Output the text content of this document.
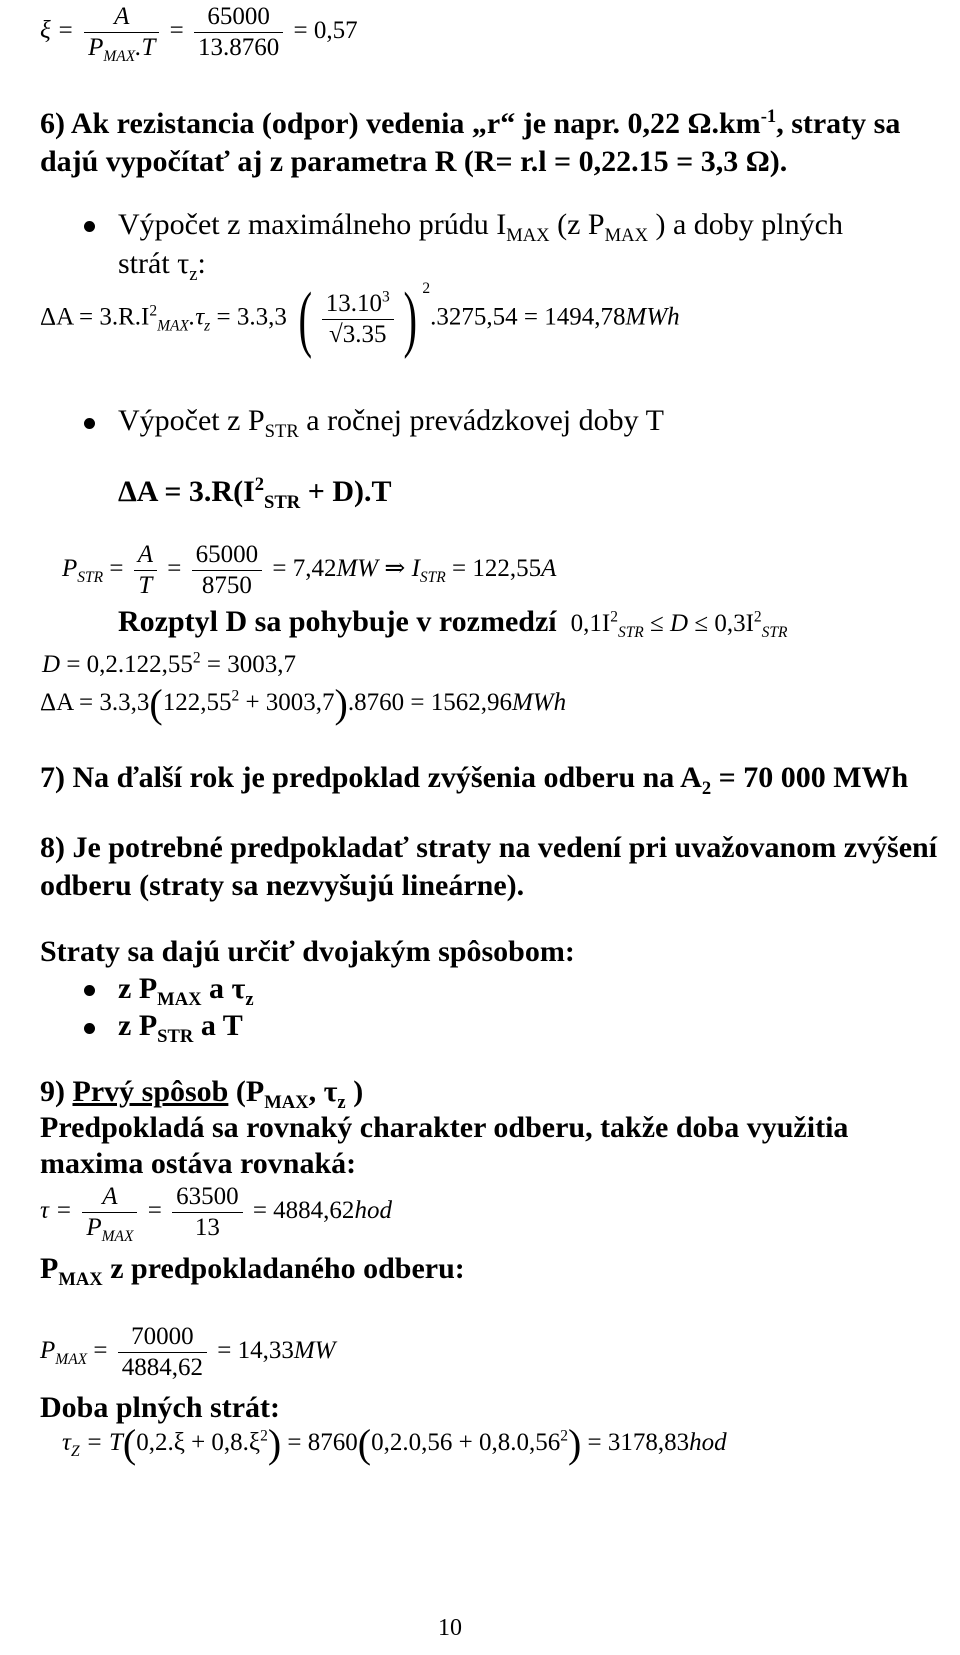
$\xi = \frac{A}{P_{MAX}.T} = \frac{65000}{13.8760} = 0,57$
6) Ak rezistancia (odpor) vedenia „r“ je napr. 0,22 $\Omega.km^{-1}$, straty sa
dajú vypočítať aj z parametra R (R= r.l = 0,22.15 = 3,3 Ω).
Výpočet z maximálneho prúdu $I_{MAX}$ (z $P_{MAX}$ ) a doby plných
strát $\tau_z$:
$\Delta A = 3.R.I^2_{MAX}.\tau_z = 3.3,3$ ( $\frac{13.10^3}{√3.35}$ ) $^2$.3275,54 = 1494,78MWh
Výpočet z $P_{STR}$ a ročnej prevádzkovej doby T
$\Delta A = 3.R(I^2_{STR} + D).T$
$P_{STR} = \frac{A}{T} = \frac{65000}{8750} = 7,42MW$ ⇒ $I_{STR} = 122,55A$
Rozptyl D sa pohybuje v rozmedzí $0,1I^2_{STR} \le D \le 0,3I^2_{STR}$
$D = 0,2.122,55^2 = 3003,7$
$\Delta A = 3.3,3(122,55^2 + 3003,7).8760 = 1562,96MWh$
7) Na ďalší rok je predpoklad zvýšenia odberu na $A_2 = 70$ 000 MWh
8) Je potrebné predpokladať straty na vedení pri uvažovanom zvýšení
odberu (straty sa nezvyšujú lineárne).
Straty sa dajú určiť dvojakým spôsobom:
z $P_{MAX}$ a $\tau_z$
z $P_{STR}$ a T
9) Prvý spôsob ($P_{MAX}$, $\tau_z$ )
Predpokladá sa rovnaký charakter odberu, takže doba využitia
maxima ostáva rovnaká:
$\tau = \frac{A}{P_{MAX}} = \frac{63500}{13} = 4884,62hod$
$P_{MAX}$ z predpokladaného odberu:
$P_{MAX} = \frac{70000}{4884,62} = 14,33MW$
Doba plných strát:
$\tau_Z = T(0,2.\xi + 0,8.\xi^2) = 8760(0,2.0,56 + 0,8.0,56^2) = 3178,83hod$
10
